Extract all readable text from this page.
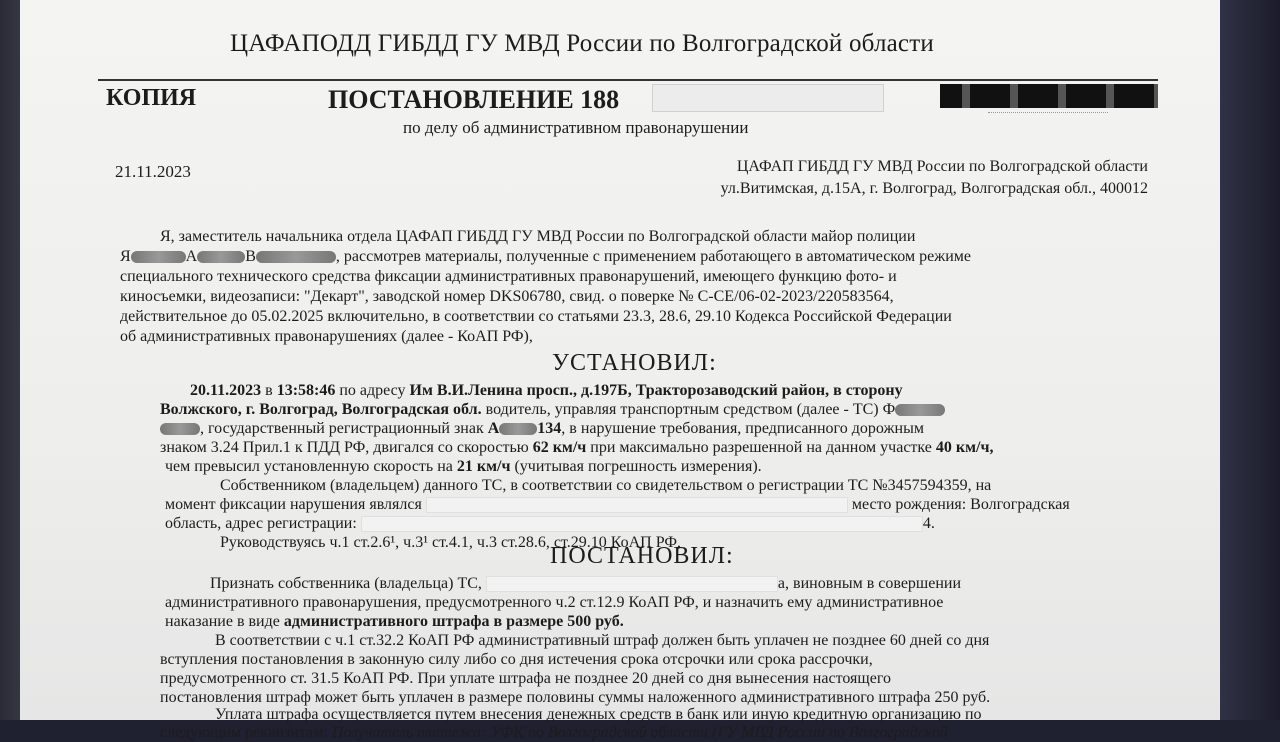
ЦАФАПОДД ГИБДД ГУ МВД России по Волгоградской области
КОПИЯ	ПОСТАНОВЛЕНИЕ 188
по делу об административном правонарушении
21.11.2023	ЦАФАП ГИБДД ГУ МВД России по Волгоградской области
ул.Витимская, д.15А, г. Волгоград, Волгоградская обл., 400012
Я, заместитель начальника отдела ЦАФАП ГИБДД ГУ МВД России по Волгоградской области майор полиции
Я	А	В	, рассмотрев материалы, полученные с применением работающего в автоматическом режиме
специального технического средства фиксации административных правонарушений, имеющего функцию фото- и
киносъемки, видеозаписи: "Декарт", заводской номер DKS06780, свид. о поверке № С-СЕ/06-02-2023/220583564,
действительное до 05.02.2025 включительно, в соответствии со статьями 23.3, 28.6, 29.10 Кодекса Российской Федерации
об административных правонарушениях (далее - КоАП РФ),
УСТАНОВИЛ:
20.11.2023 в 13:58:46 по адресу Им В.И.Ленина просп., д.197Б, Тракторозаводский район, в сторону
Волжского, г. Волгоград, Волгоградская обл. водитель, управляя транспортным средством (далее - ТС) Ф
, государственный регистрационный знак А 134, в нарушение требования, предписанного дорожным
знаком 3.24 Прил.1 к ПДД РФ, двигался со скоростью 62 км/ч при максимально разрешенной на данном участке 40 км/ч,
чем превысил установленную скорость на 21 км/ч (учитывая погрешность измерения).
Собственником (владельцем) данного ТС, в соответствии со свидетельством о регистрации ТС №3457594359, на
момент фиксации нарушения являлся	место рождения: Волгоградская
область, адрес регистрации:	4.
Руководствуясь ч.1 ст.2.6¹, ч.3¹ ст.4.1, ч.3 ст.28.6, ст.29.10 КоАП РФ,
ПОСТАНОВИЛ:
Признать собственника (владельца) ТС,	а, виновным в совершении
административного правонарушения, предусмотренного ч.2 ст.12.9 КоАП РФ, и назначить ему административное
наказание в виде административного штрафа в размере 500 руб.
В соответствии с ч.1 ст.32.2 КоАП РФ административный штраф должен быть уплачен не позднее 60 дней со дня
вступления постановления в законную силу либо со дня истечения срока отсрочки или срока рассрочки,
предусмотренного ст. 31.5 КоАП РФ. При уплате штрафа не позднее 20 дней со дня вынесения настоящего
постановления штраф может быть уплачен в размере половины суммы наложенного административного штрафа 250 руб.
Уплата штрафа осуществляется путем внесения денежных средств в банк или иную кредитную организацию по
следующим реквизитам: Получатель платежа: УФК по Волгоградской области (ГУ МВД России по Волгоградской
